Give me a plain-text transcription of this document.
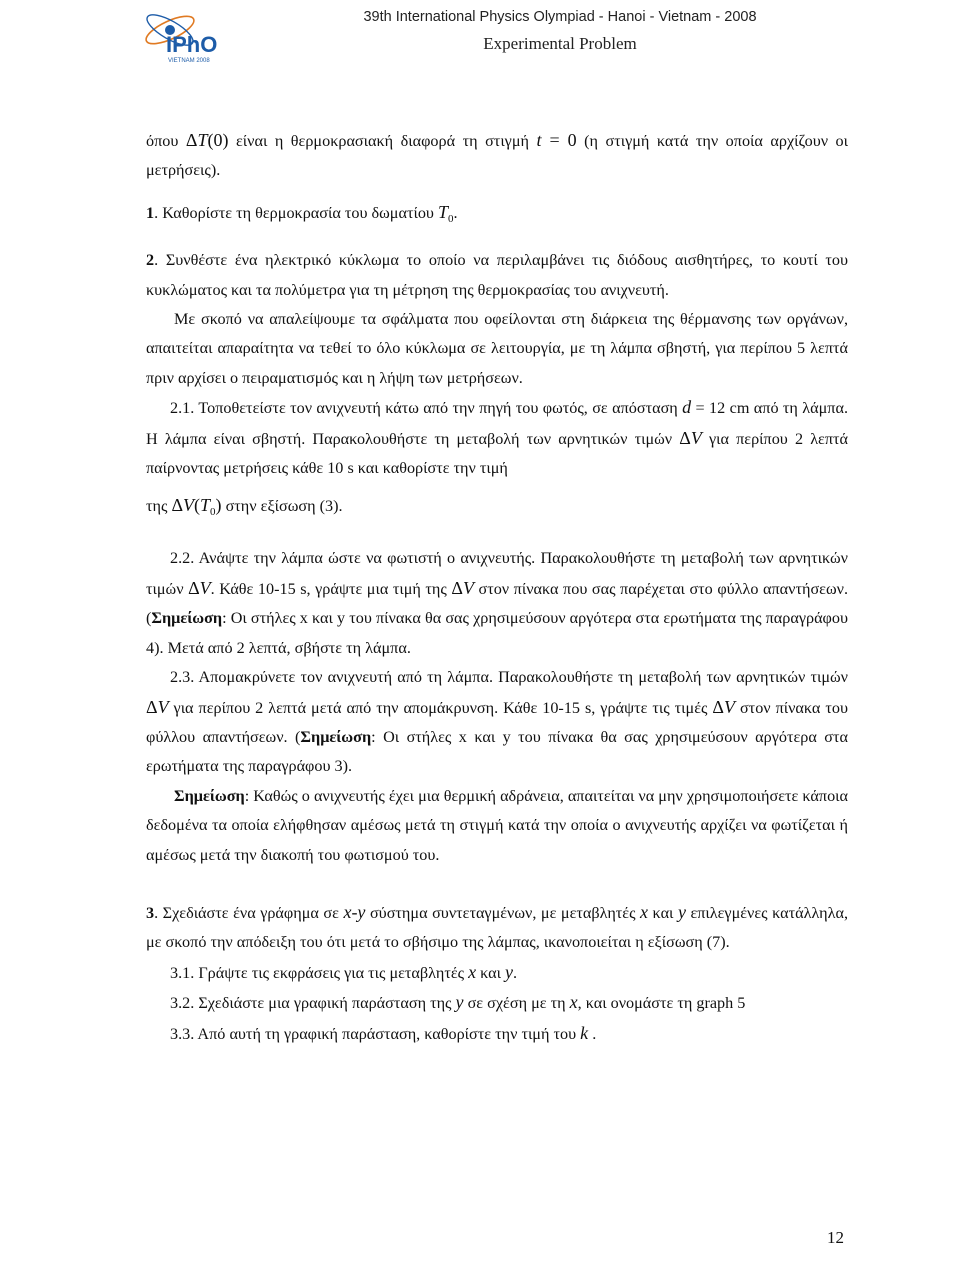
IPhO
VIETNAM 2008
39th International Physics Olympiad - Hanoi - Vietnam - 2008
Experimental Problem

όπου ΔT(0) είναι η θερμοκρασιακή διαφορά τη στιγμή t = 0 (η στιγμή κατά την οποία αρχίζουν οι μετρήσεις).

1. Καθορίστε τη θερμοκρασία του δωματίου $T_0$.

2. Συνθέστε ένα ηλεκτρικό κύκλωμα το οποίο να περιλαμβάνει τις διόδους αισθητήρες, το κουτί του κυκλώματος και τα πολύμετρα για τη μέτρηση της θερμοκρασίας του ανιχνευτή.

Με σκοπό να απαλείψουμε τα σφάλματα που οφείλονται στη διάρκεια της θέρμανσης των οργάνων, απαιτείται απαραίτητα να τεθεί το όλο κύκλωμα σε λειτουργία, με τη λάμπα σβηστή, για περίπου 5 λεπτά πριν αρχίσει ο πειραματισμός και η λήψη των μετρήσεων.

2.1. Τοποθετείστε τον ανιχνευτή κάτω από την πηγή του φωτός, σε απόσταση d = 12 cm από τη λάμπα. Η λάμπα είναι σβηστή. Παρακολουθήστε τη μεταβολή των αρνητικών τιμών ΔV για περίπου 2 λεπτά παίρνοντας μετρήσεις κάθε 10 s και καθορίστε την τιμή

της $\Delta V(T_0)$ στην εξίσωση (3).

2.2. Ανάψτε την λάμπα ώστε να φωτιστή ο ανιχνευτής. Παρακολουθήστε τη μεταβολή των αρνητικών τιμών ΔV. Κάθε 10-15 s, γράψτε μια τιμή της ΔV στον πίνακα που σας παρέχεται στο φύλλο απαντήσεων. (Σημείωση: Οι στήλες x και y του πίνακα θα σας χρησιμεύσουν αργότερα στα ερωτήματα της παραγράφου 4). Μετά από 2 λεπτά, σβήστε τη λάμπα.

2.3. Απομακρύνετε τον ανιχνευτή από τη λάμπα. Παρακολουθήστε τη μεταβολή των αρνητικών τιμών ΔV για περίπου 2 λεπτά μετά από την απομάκρυνση. Κάθε 10-15 s, γράψτε τις τιμές ΔV στον πίνακα του φύλλου απαντήσεων. (Σημείωση: Οι στήλες x και y του πίνακα θα σας χρησιμεύσουν αργότερα στα ερωτήματα της παραγράφου 3).

Σημείωση: Καθώς ο ανιχνευτής έχει μια θερμική αδράνεια, απαιτείται να μην χρησιμοποιήσετε κάποια δεδομένα τα οποία ελήφθησαν αμέσως μετά τη στιγμή κατά την οποία ο ανιχνευτής αρχίζει να φωτίζεται ή αμέσως μετά την διακοπή του φωτισμού του.

3. Σχεδιάστε ένα γράφημα σε x-y σύστημα συντεταγμένων, με μεταβλητές x και y επιλεγμένες κατάλληλα, με σκοπό την απόδειξη του ότι μετά το σβήσιμο της λάμπας, ικανοποιείται η εξίσωση (7).

3.1. Γράψτε τις εκφράσεις για τις μεταβλητές x και y.

3.2. Σχεδιάστε μια γραφική παράσταση της y σε σχέση με τη x, και ονομάστε τη graph 5

3.3. Από αυτή τη γραφική παράσταση, καθορίστε την τιμή του k .

12
